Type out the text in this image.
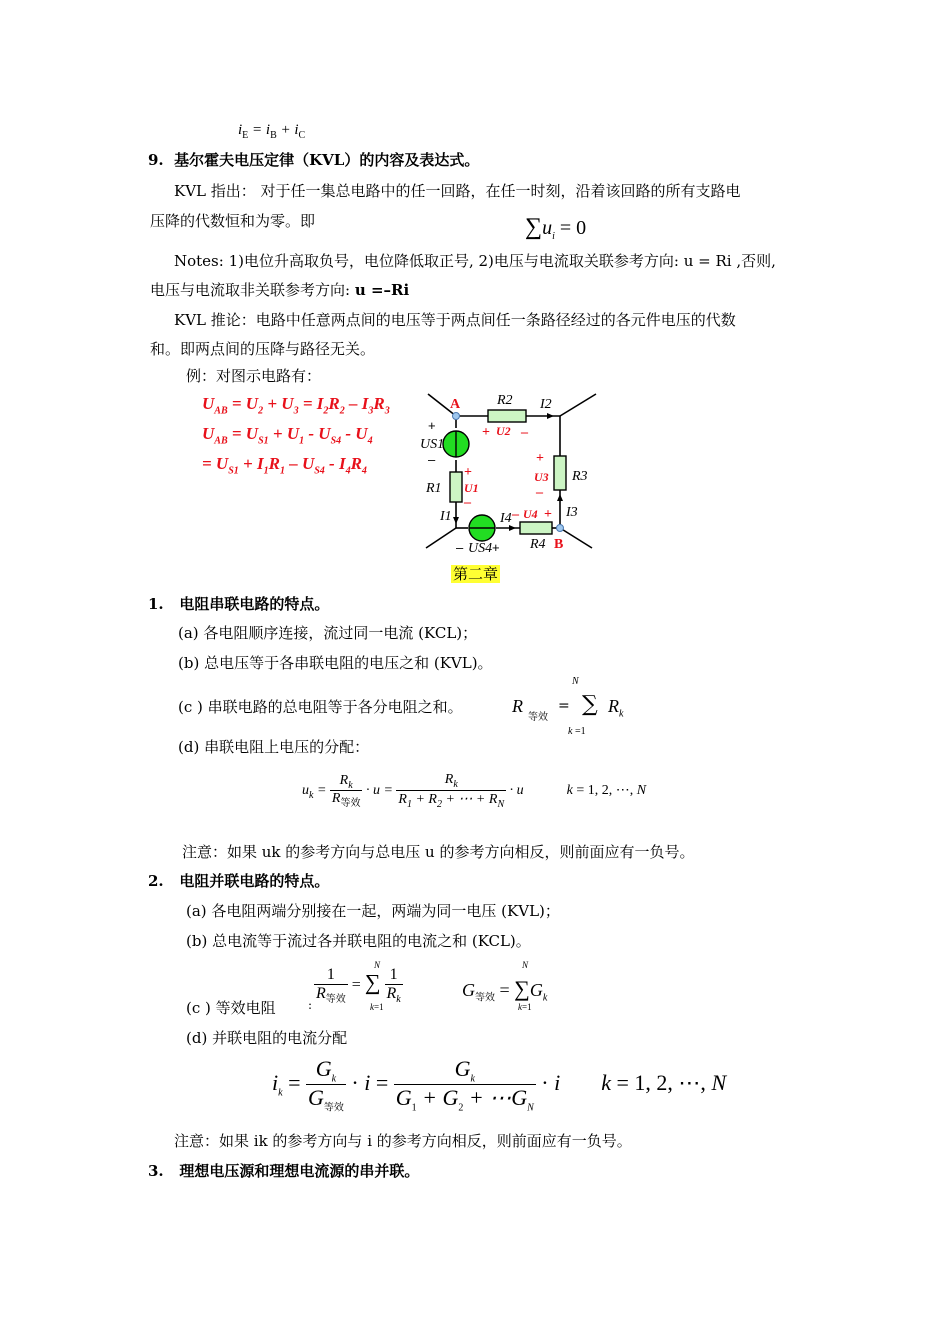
$i_E = i_B + i_C$
9. 基尔霍夫电压定律（KVL）的内容及表达式。
KVL 指出： 对于任一集总电路中的任一回路，在任一时刻，沿着该回路的所有支路电
压降的代数恒和为零。即	$\sum u_i = 0$
Notes: 1)电位升高取负号，电位降低取正号, 2)电压与电流取关联参考方向: u = Ri ,否则,
电压与电流取非关联参考方向: u =–Ri
KVL 推论：电路中任意两点间的电压等于两点间任一条路径经过的各元件电压的代数
和。即两点间的压降与路径无关。
例：对图示电路有：
$U_{AB} = U_2 + U_3 = I_2R_2 - I_3R_3$
$U_{AB} = U_{S1} + U_1 - U_{S4} - U_4$
= $U_{S1} + I_1R_1 - U_{S4} - I_4R_4$
R2 I2
R1
R3
R4
I1	I3
I4
US1
US4
+
–
– +
A
B
+ –
+
–
+
–
– +
U2
U1
U3
U4
第二章
1. 电阻串联电路的特点。
(a) 各电阻顺序连接，流过同一电流 (KCL)；
(b) 总电压等于各串联电阻的电压之和 (KVL)。
(c ) 串联电路的总电阻等于各分电阻之和。
N
R
等效
= ∑ $R_k$
k =1
(d) 串联电阻上电压的分配：
$u_k = \frac{R_k}{R_{等效}} \cdot u = \frac{R_k}{R_1 + R_2 + \cdots + R_N} \cdot u$	k = 1, 2, ⋯, N
注意：如果 uk 的参考方向与总电压 u 的参考方向相反，则前面应有一负号。
2. 电阻并联电路的特点。
(a) 各电阻两端分别接在一起，两端为同一电压 (KVL)；
(b) 总电流等于流过各并联电阻的电流之和 (KCL)。
(c ) 等效电阻	: $\frac{1}{R_{等效}}$ = ∑ $\frac{1}{R_k}$
N
k=1
$G_{等效} = \sum G_k$
N
k=1
(d) 并联电阻的电流分配
$i_k = \frac{G_k}{G_{等效}} \cdot i = \frac{G_k}{G_1 + G_2 + \cdots G_N} \cdot i$  k = 1, 2, ⋯, N
注意：如果 ik 的参考方向与 i 的参考方向相反，则前面应有一负号。
3. 理想电压源和理想电流源的串并联。
